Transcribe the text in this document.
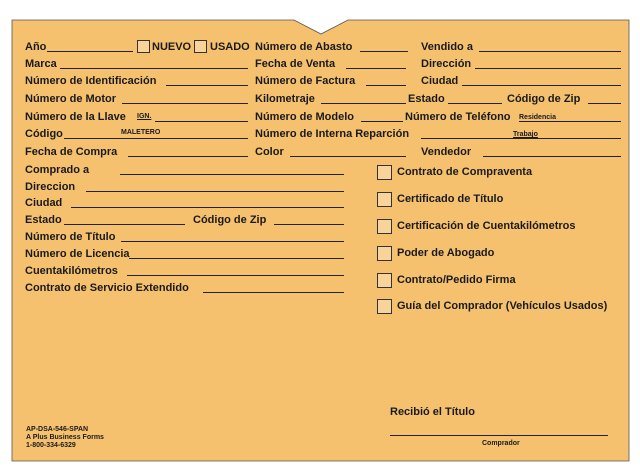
Año	NUEVO USADO Número de Abasto	Vendido a
Marca	Fecha de Venta	Dirección
Número de Identificación	Número de Factura	Ciudad
Número de Motor	Kilometraje	Estado	Código de Zip
Número de la Llave IGN.	Número de Modelo	Número de Teléfono Residencia
Código	MALETERO	Número de Interna Reparción	Trabajo
Fecha de Compra	Color	Vendedor
Comprado a
Direccion
Ciudad
Estado	Código de Zip
Número de Título
Número de Licencia
Cuentakilómetros
Contrato de Servicio Extendido
Contrato de Compraventa
Certificado de Título
Certificación de Cuentakilómetros
Poder de Abogado
Contrato/Pedido Firma
Guía del Comprador (Vehículos Usados)
AP-DSA-546-SPAN
A Plus Business Forms
1-800-334-6329
Recibió el Título
Comprador
